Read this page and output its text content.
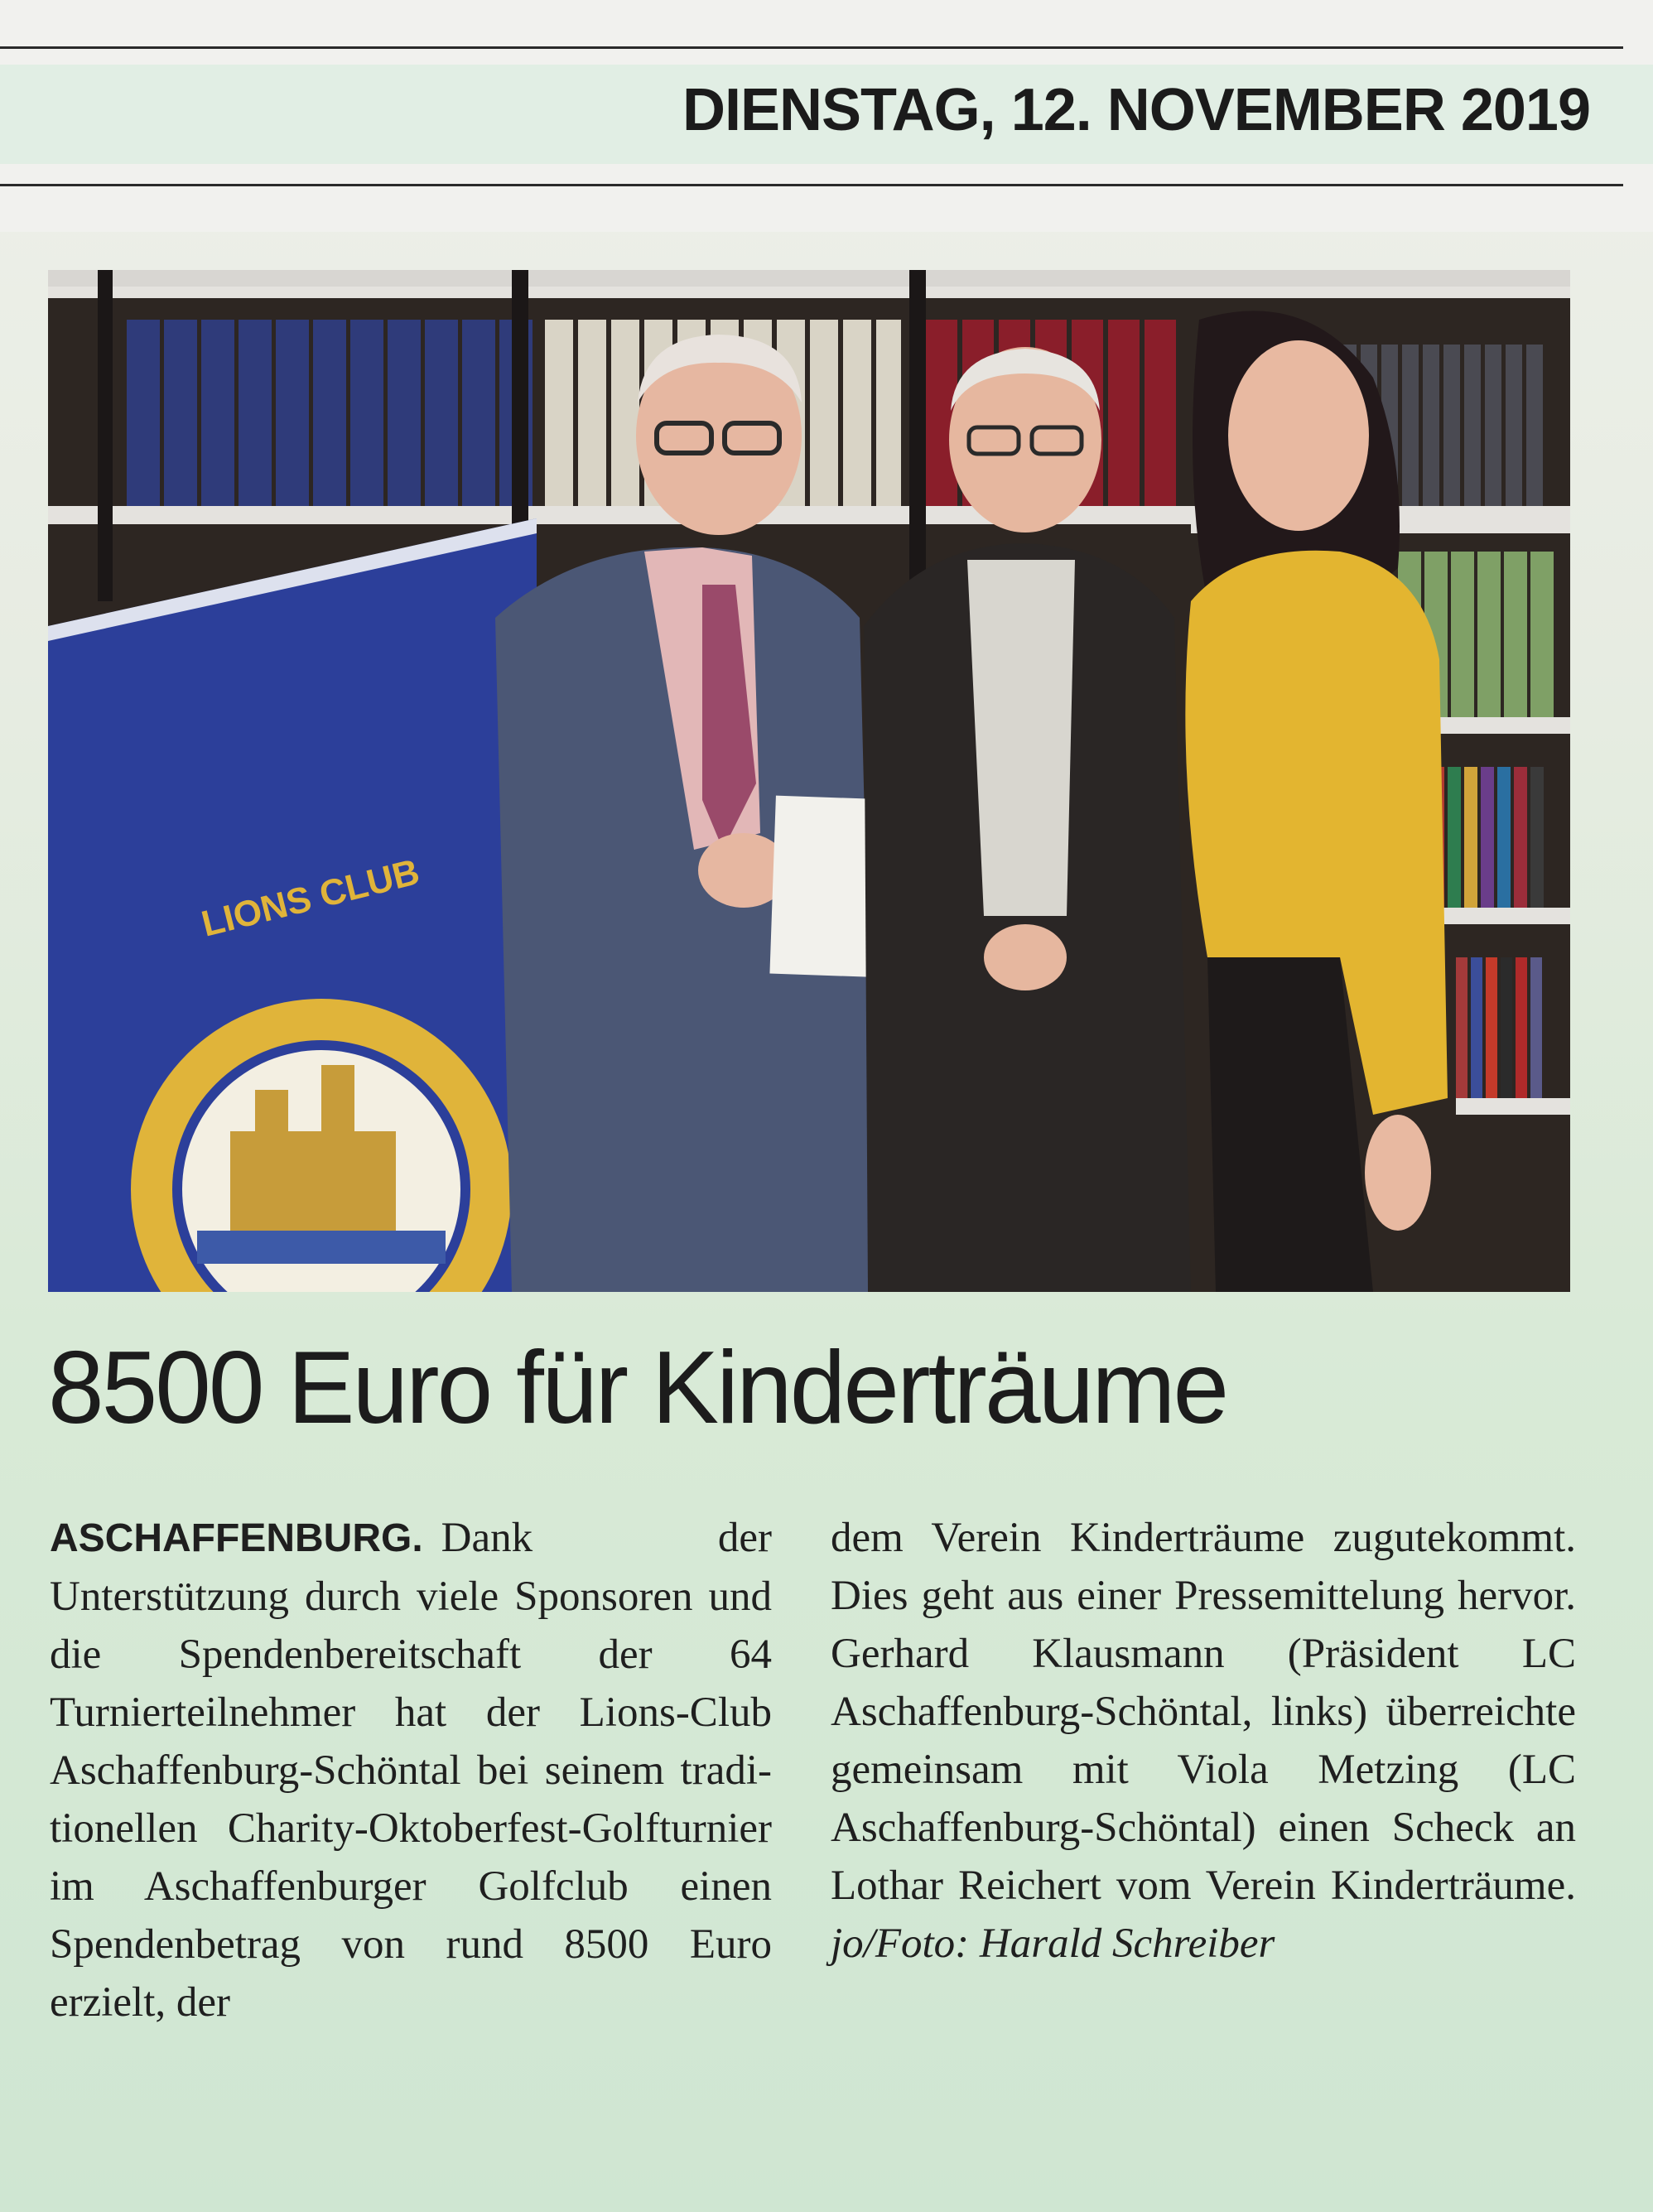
DIENSTAG, 12. NOVEMBER 2019
LIONS CLUB
8500 Euro für Kinderträume
ASCHAFFENBURG. Dank der Unterstützung durch viele Sponsoren und die Spendenbereitschaft der 64 Turnierteilnehmer hat der Lions-Club Aschaffenburg-Schöntal bei seinem traditionellen Charity-Oktoberfest-Golfturnier im Aschaffenburger Golfclub einen Spendenbetrag von rund 8500 Euro erzielt, der
dem Verein Kinderträume zugutekommt. Dies geht aus einer Pressemittelung hervor. Gerhard Klausmann (Präsident LC Aschaffenburg-Schöntal, links) überreichte gemeinsam mit Viola Metzing (LC Aschaffenburg-Schöntal) einen Scheck an Lothar Reichert vom Verein Kinderträume. jo/Foto: Harald Schreiber
